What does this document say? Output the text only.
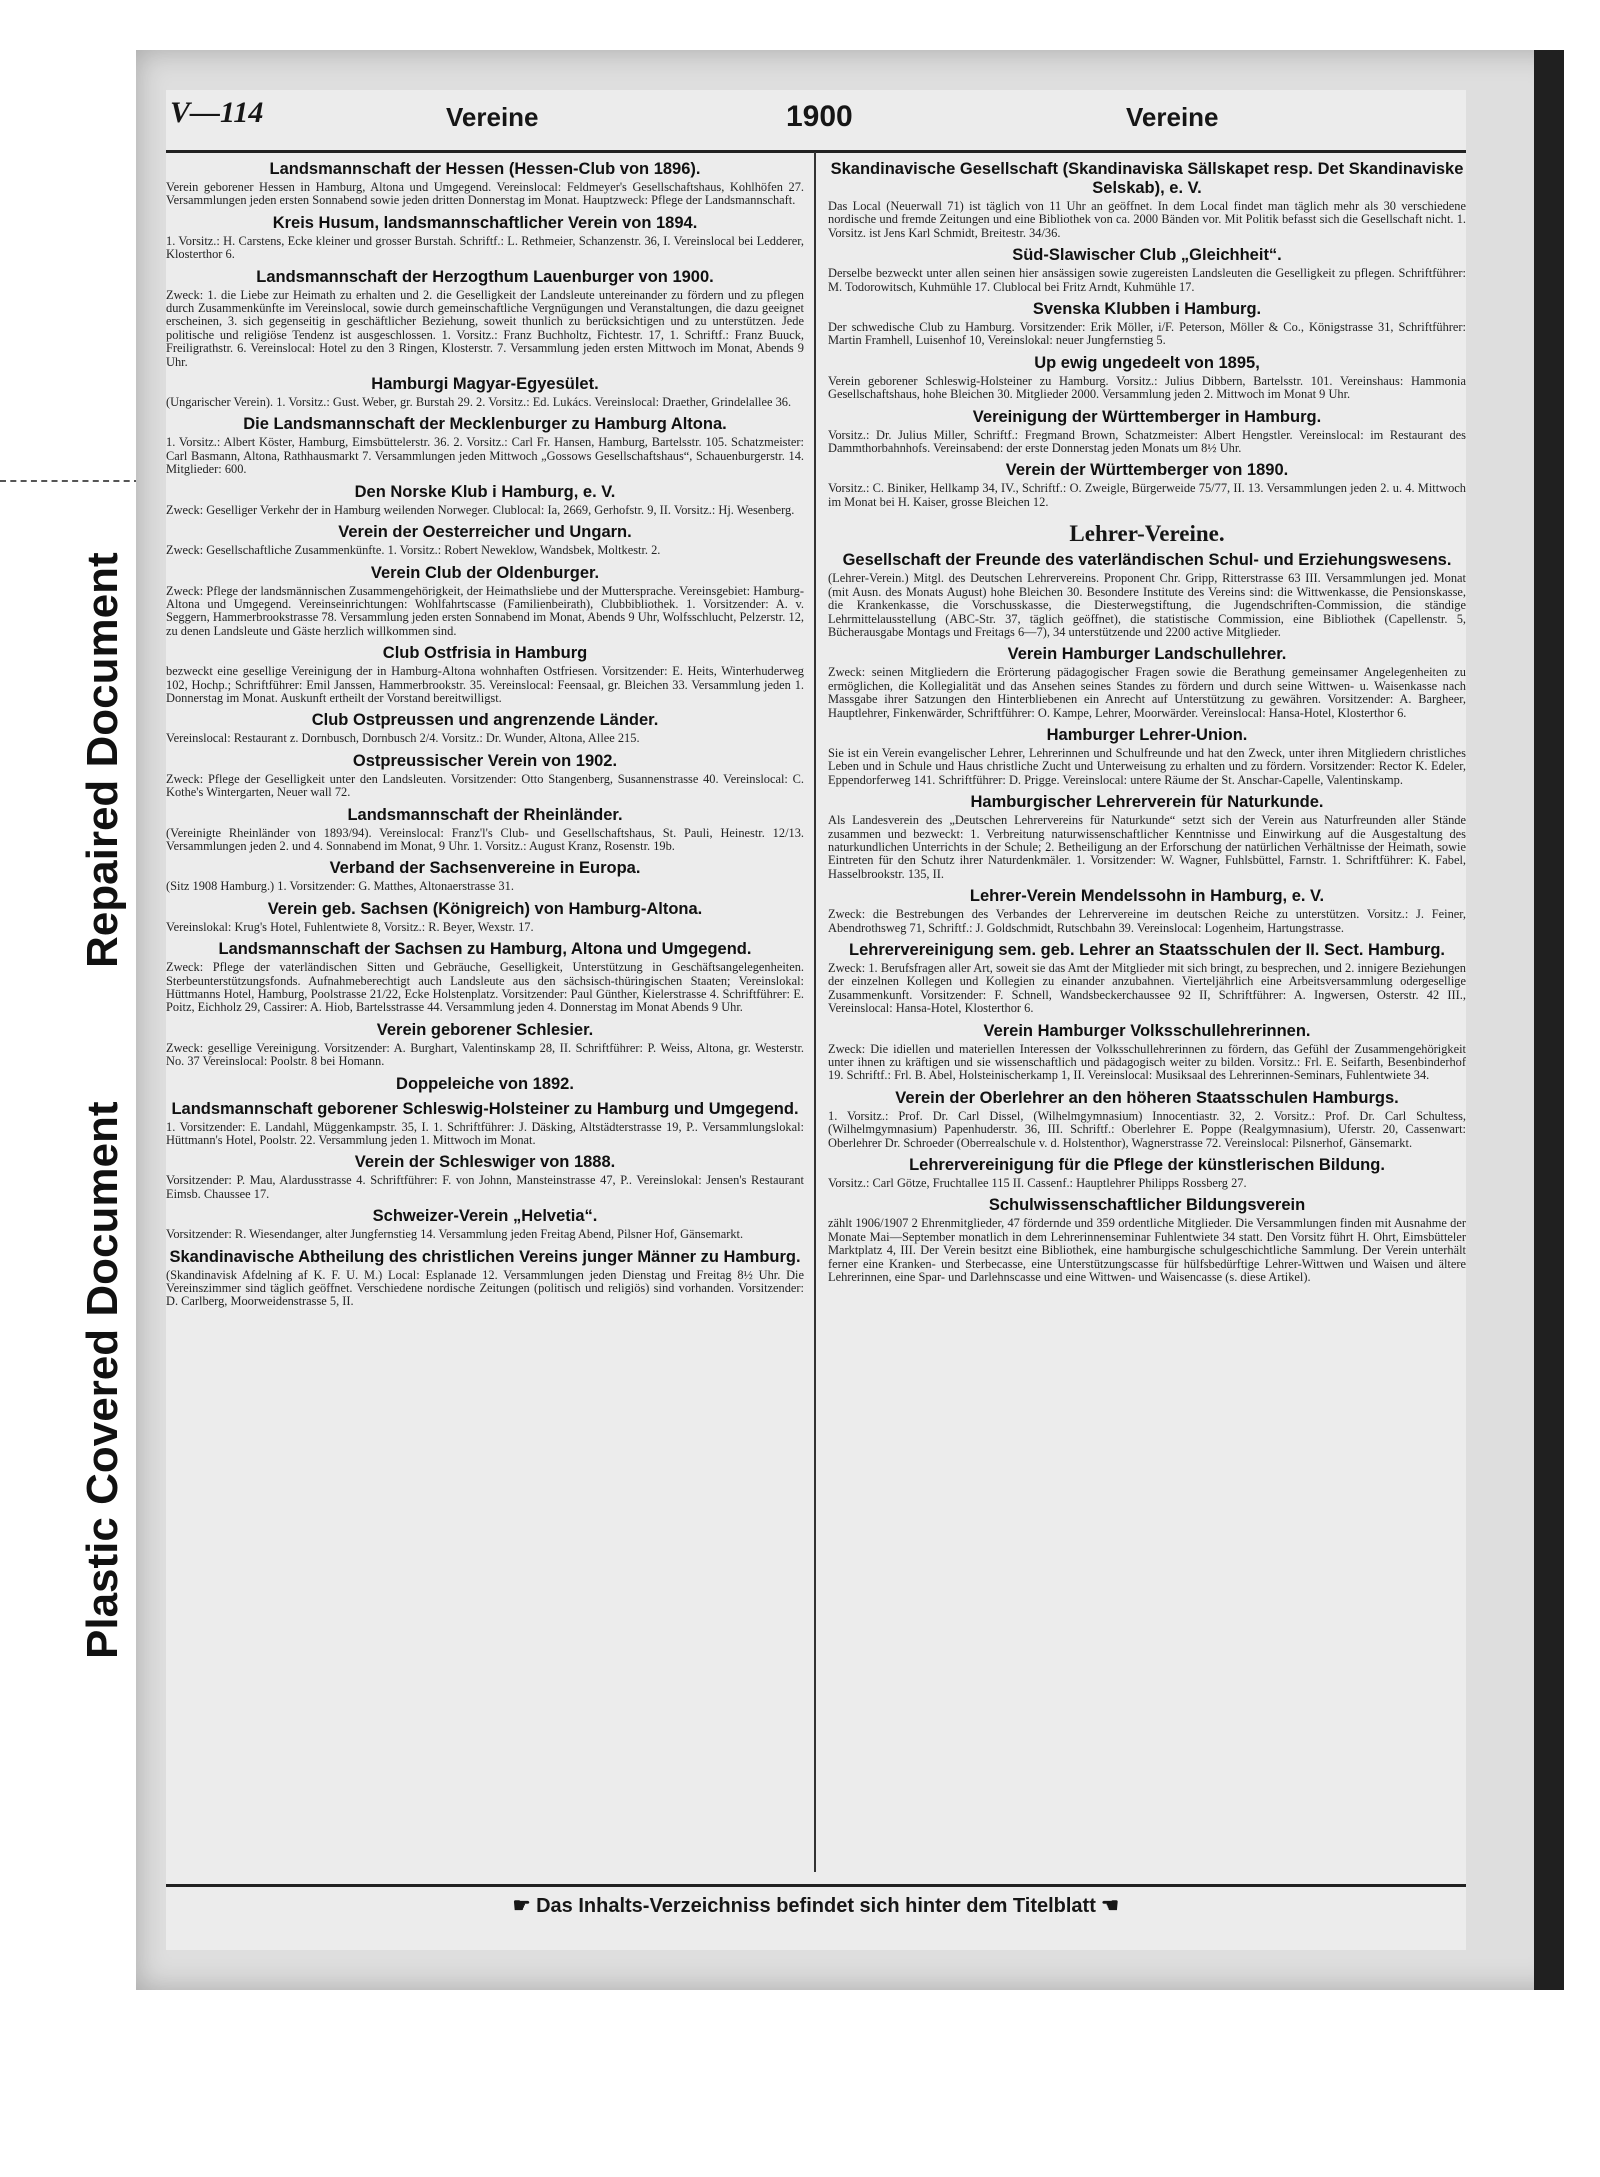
Repaired Document
Plastic Covered Document
V—114	Vereine	1900	Vereine
Landsmannschaft der Hessen (Hessen-Club von 1896).

Verein geborener Hessen in Hamburg, Altona und Umgegend. Vereinslocal: Feldmeyer's Gesellschaftshaus, Kohlhöfen 27. Versammlungen jeden ersten Sonnabend sowie jeden dritten Donnerstag im Monat. Hauptzweck: Pflege der Landsmannschaft.

Kreis Husum, landsmannschaftlicher Verein von 1894.

1. Vorsitz.: H. Carstens, Ecke kleiner und grosser Burstah. Schriftf.: L. Rethmeier, Schanzenstr. 36, I. Vereinslocal bei Ledderer, Klosterthor 6.

Landsmannschaft der Herzogthum Lauenburger von 1900.

Zweck: 1. die Liebe zur Heimath zu erhalten und 2. die Geselligkeit der Landsleute untereinander zu fördern und zu pflegen durch Zusammenkünfte im Vereinslocal, sowie durch gemeinschaftliche Vergnügungen und Veranstaltungen, die dazu geeignet erscheinen, 3. sich gegenseitig in geschäftlicher Beziehung, soweit thunlich zu berücksichtigen und zu unterstützen. Jede politische und religiöse Tendenz ist ausgeschlossen. 1. Vorsitz.: Franz Buchholtz, Fichtestr. 17, 1. Schriftf.: Franz Buuck, Freiligrathstr. 6. Vereinslocal: Hotel zu den 3 Ringen, Klosterstr. 7. Versammlung jeden ersten Mittwoch im Monat, Abends 9 Uhr.

Hamburgi Magyar-Egyesület.

(Ungarischer Verein). 1. Vorsitz.: Gust. Weber, gr. Burstah 29. 2. Vorsitz.: Ed. Lukács. Vereinslocal: Draether, Grindelallee 36.

Die Landsmannschaft der Mecklenburger zu Hamburg Altona.

1. Vorsitz.: Albert Köster, Hamburg, Eimsbüttelerstr. 36. 2. Vorsitz.: Carl Fr. Hansen, Hamburg, Bartelsstr. 105. Schatzmeister: Carl Basmann, Altona, Rathhausmarkt 7. Versammlungen jeden Mittwoch „Gossows Gesellschaftshaus“, Schauenburgerstr. 14. Mitglieder: 600.

Den Norske Klub i Hamburg, e. V.

Zweck: Geselliger Verkehr der in Hamburg weilenden Norweger. Clublocal: Ia, 2669, Gerhofstr. 9, II. Vorsitz.: Hj. Wesenberg.

Verein der Oesterreicher und Ungarn.

Zweck: Gesellschaftliche Zusammenkünfte. 1. Vorsitz.: Robert Neweklow, Wandsbek, Moltkestr. 2.

Verein Club der Oldenburger.

Zweck: Pflege der landsmännischen Zusammengehörigkeit, der Heimathsliebe und der Muttersprache. Vereinsgebiet: Hamburg-Altona und Umgegend. Vereinseinrichtungen: Wohlfahrtscasse (Familienbeirath), Clubbibliothek. 1. Vorsitzender: A. v. Seggern, Hammerbrookstrasse 78. Versammlung jeden ersten Sonnabend im Monat, Abends 9 Uhr, Wolfsschlucht, Pelzerstr. 12, zu denen Landsleute und Gäste herzlich willkommen sind.

Club Ostfrisia in Hamburg

bezweckt eine gesellige Vereinigung der in Hamburg-Altona wohnhaften Ostfriesen. Vorsitzender: E. Heits, Winterhuderweg 102, Hochp.; Schriftführer: Emil Janssen, Hammerbrookstr. 35. Vereinslocal: Feensaal, gr. Bleichen 33. Versammlung jeden 1. Donnerstag im Monat. Auskunft ertheilt der Vorstand bereitwilligst.

Club Ostpreussen und angrenzende Länder.

Vereinslocal: Restaurant z. Dornbusch, Dornbusch 2/4. Vorsitz.: Dr. Wunder, Altona, Allee 215.

Ostpreussischer Verein von 1902.

Zweck: Pflege der Geselligkeit unter den Landsleuten. Vorsitzender: Otto Stangenberg, Susannenstrasse 40. Vereinslocal: C. Kothe's Wintergarten, Neuer wall 72.

Landsmannschaft der Rheinländer.

(Vereinigte Rheinländer von 1893/94). Vereinslocal: Franz'l's Club- und Gesellschaftshaus, St. Pauli, Heinestr. 12/13. Versammlungen jeden 2. und 4. Sonnabend im Monat, 9 Uhr. 1. Vorsitz.: August Kranz, Rosenstr. 19b.

Verband der Sachsenvereine in Europa.

(Sitz 1908 Hamburg.) 1. Vorsitzender: G. Matthes, Altonaerstrasse 31.

Verein geb. Sachsen (Königreich) von Hamburg-Altona.

Vereinslokal: Krug's Hotel, Fuhlentwiete 8, Vorsitz.: R. Beyer, Wexstr. 17.

Landsmannschaft der Sachsen zu Hamburg, Altona und Umgegend.

Zweck: Pflege der vaterländischen Sitten und Gebräuche, Geselligkeit, Unterstützung in Geschäftsangelegenheiten. Sterbeunterstützungsfonds. Aufnahmeberechtigt auch Landsleute aus den sächsisch-thüringischen Staaten; Vereinslokal: Hüttmanns Hotel, Hamburg, Poolstrasse 21/22, Ecke Holstenplatz. Vorsitzender: Paul Günther, Kielerstrasse 4. Schriftführer: E. Poitz, Eichholz 29, Cassirer: A. Hiob, Bartelsstrasse 44. Versammlung jeden 4. Donnerstag im Monat Abends 9 Uhr.

Verein geborener Schlesier.

Zweck: gesellige Vereinigung. Vorsitzender: A. Burghart, Valentinskamp 28, II. Schriftführer: P. Weiss, Altona, gr. Westerstr. No. 37 Vereinslocal: Poolstr. 8 bei Homann.

Doppeleiche von 1892.
Landsmannschaft geborener Schleswig-Holsteiner zu Hamburg und Umgegend.

1. Vorsitzender: E. Landahl, Müggenkampstr. 35, I. 1. Schriftführer: J. Däsking, Altstädterstrasse 19, P.. Versammlungslokal: Hüttmann's Hotel, Poolstr. 22. Versammlung jeden 1. Mittwoch im Monat.

Verein der Schleswiger von 1888.

Vorsitzender: P. Mau, Alardusstrasse 4. Schriftführer: F. von Johnn, Mansteinstrasse 47, P.. Vereinslokal: Jensen's Restaurant Eimsb. Chaussee 17.

Schweizer-Verein „Helvetia“.

Vorsitzender: R. Wiesendanger, alter Jungfernstieg 14. Versammlung jeden Freitag Abend, Pilsner Hof, Gänsemarkt.

Skandinavische Abtheilung des christlichen Vereins junger Männer zu Hamburg.

(Skandinavisk Afdelning af K. F. U. M.) Local: Esplanade 12. Versammlungen jeden Dienstag und Freitag 8½ Uhr. Die Vereinszimmer sind täglich geöffnet. Verschiedene nordische Zeitungen (politisch und religiös) sind vorhanden. Vorsitzender: D. Carlberg, Moorweidenstrasse 5, II.

Skandinavische Gesellschaft (Skandinaviska Sällskapet resp. Det Skandinaviske Selskab), e. V.

Das Local (Neuerwall 71) ist täglich von 11 Uhr an geöffnet. In dem Local findet man täglich mehr als 30 verschiedene nordische und fremde Zeitungen und eine Bibliothek von ca. 2000 Bänden vor. Mit Politik befasst sich die Gesellschaft nicht. 1. Vorsitz. ist Jens Karl Schmidt, Breitestr. 34/36.

Süd-Slawischer Club „Gleichheit“.

Derselbe bezweckt unter allen seinen hier ansässigen sowie zugereisten Landsleuten die Geselligkeit zu pflegen. Schriftführer: M. Todorowitsch, Kuhmühle 17. Clublocal bei Fritz Arndt, Kuhmühle 17.

Svenska Klubben i Hamburg.

Der schwedische Club zu Hamburg. Vorsitzender: Erik Möller, i/F. Peterson, Möller & Co., Königstrasse 31, Schriftführer: Martin Framhell, Luisenhof 10, Vereinslokal: neuer Jungfernstieg 5.

Up ewig ungedeelt von 1895,

Verein geborener Schleswig-Holsteiner zu Hamburg. Vorsitz.: Julius Dibbern, Bartelsstr. 101. Vereinshaus: Hammonia Gesellschaftshaus, hohe Bleichen 30. Mitglieder 2000. Versammlung jeden 2. Mittwoch im Monat 9 Uhr.

Vereinigung der Württemberger in Hamburg.

Vorsitz.: Dr. Julius Miller, Schriftf.: Fregmand Brown, Schatzmeister: Albert Hengstler. Vereinslocal: im Restaurant des Dammthorbahnhofs. Vereinsabend: der erste Donnerstag jeden Monats um 8½ Uhr.

Verein der Württemberger von 1890.

Vorsitz.: C. Biniker, Hellkamp 34, IV., Schriftf.: O. Zweigle, Bürgerweide 75/77, II. 13. Versammlungen jeden 2. u. 4. Mittwoch im Monat bei H. Kaiser, grosse Bleichen 12.

Lehrer-Vereine.
Gesellschaft der Freunde des vaterländischen Schul- und Erziehungswesens.

(Lehrer-Verein.) Mitgl. des Deutschen Lehrervereins. Proponent Chr. Gripp, Ritterstrasse 63 III. Versammlungen jed. Monat (mit Ausn. des Monats August) hohe Bleichen 30. Besondere Institute des Vereins sind: die Wittwenkasse, die Pensionskasse, die Krankenkasse, die Vorschusskasse, die Diesterwegstiftung, die Jugendschriften-Commission, die ständige Lehrmittelausstellung (ABC-Str. 37, täglich geöffnet), die statistische Commission, eine Bibliothek (Capellenstr. 5, Bücherausgabe Montags und Freitags 6—7), 34 unterstützende und 2200 active Mitglieder.

Verein Hamburger Landschullehrer.

Zweck: seinen Mitgliedern die Erörterung pädagogischer Fragen sowie die Berathung gemeinsamer Angelegenheiten zu ermöglichen, die Kollegialität und das Ansehen seines Standes zu fördern und durch seine Wittwen- u. Waisenkasse nach Massgabe ihrer Satzungen den Hinterbliebenen ein Anrecht auf Unterstützung zu gewähren. Vorsitzender: A. Bargheer, Hauptlehrer, Finkenwärder, Schriftführer: O. Kampe, Lehrer, Moorwärder. Vereinslocal: Hansa-Hotel, Klosterthor 6.

Hamburger Lehrer-Union.

Sie ist ein Verein evangelischer Lehrer, Lehrerinnen und Schulfreunde und hat den Zweck, unter ihren Mitgliedern christliches Leben und in Schule und Haus christliche Zucht und Unterweisung zu erhalten und zu fördern. Vorsitzender: Rector K. Edeler, Eppendorferweg 141. Schriftführer: D. Prigge. Vereinslocal: untere Räume der St. Anschar-Capelle, Valentinskamp.

Hamburgischer Lehrerverein für Naturkunde.

Als Landesverein des „Deutschen Lehrervereins für Naturkunde“ setzt sich der Verein aus Naturfreunden aller Stände zusammen und bezweckt: 1. Verbreitung naturwissenschaftlicher Kenntnisse und Einwirkung auf die Ausgestaltung des naturkundlichen Unterrichts in der Schule; 2. Betheiligung an der Erforschung der natürlichen Verhältnisse der Heimath, sowie Eintreten für den Schutz ihrer Naturdenkmäler. 1. Vorsitzender: W. Wagner, Fuhlsbüttel, Farnstr. 1. Schriftführer: K. Fabel, Hasselbrookstr. 135, II.

Lehrer-Verein Mendelssohn in Hamburg, e. V.

Zweck: die Bestrebungen des Verbandes der Lehrervereine im deutschen Reiche zu unterstützen. Vorsitz.: J. Feiner, Abendrothsweg 71, Schriftf.: J. Goldschmidt, Rutschbahn 39. Vereinslocal: Logenheim, Hartungstrasse.

Lehrervereinigung sem. geb. Lehrer an Staatsschulen der II. Sect. Hamburg.

Zweck: 1. Berufsfragen aller Art, soweit sie das Amt der Mitglieder mit sich bringt, zu besprechen, und 2. innigere Beziehungen der einzelnen Kollegen und Kollegien zu einander anzubahnen. Vierteljährlich eine Arbeitsversammlung odergesellige Zusammenkunft. Vorsitzender: F. Schnell, Wandsbeckerchaussee 92 II, Schriftführer: A. Ingwersen, Osterstr. 42 III., Vereinslocal: Hansa-Hotel, Klosterthor 6.

Verein Hamburger Volksschullehrerinnen.

Zweck: Die idiellen und materiellen Interessen der Volksschullehrerinnen zu fördern, das Gefühl der Zusammengehörigkeit unter ihnen zu kräftigen und sie wissenschaftlich und pädagogisch weiter zu bilden. Vorsitz.: Frl. E. Seifarth, Besenbinderhof 19. Schriftf.: Frl. B. Abel, Holsteinischerkamp 1, II. Vereinslocal: Musiksaal des Lehrerinnen-Seminars, Fuhlentwiete 34.

Verein der Oberlehrer an den höheren Staatsschulen Hamburgs.

1. Vorsitz.: Prof. Dr. Carl Dissel, (Wilhelmgymnasium) Innocentiastr. 32, 2. Vorsitz.: Prof. Dr. Carl Schultess, (Wilhelmgymnasium) Papenhuderstr. 36, III. Schriftf.: Oberlehrer E. Poppe (Realgymnasium), Uferstr. 20, Cassenwart: Oberlehrer Dr. Schroeder (Oberrealschule v. d. Holstenthor), Wagnerstrasse 72. Vereinslocal: Pilsnerhof, Gänsemarkt.

Lehrervereinigung für die Pflege der künstlerischen Bildung.

Vorsitz.: Carl Götze, Fruchtallee 115 II. Cassenf.: Hauptlehrer Philipps Rossberg 27.

Schulwissenschaftlicher Bildungsverein

zählt 1906/1907 2 Ehrenmitglieder, 47 fördernde und 359 ordentliche Mitglieder. Die Versammlungen finden mit Ausnahme der Monate Mai—September monatlich in dem Lehrerinnenseminar Fuhlentwiete 34 statt. Den Vorsitz führt H. Ohrt, Eimsbütteler Marktplatz 4, III. Der Verein besitzt eine Bibliothek, eine hamburgische schulgeschichtliche Sammlung. Der Verein unterhält ferner eine Kranken- und Sterbecasse, eine Unterstützungscasse für hülfsbedürftige Lehrer-Wittwen und Waisen und ältere Lehrerinnen, eine Spar- und Darlehnscasse und eine Wittwen- und Waisencasse (s. diese Artikel).

☛ Das Inhalts-Verzeichniss befindet sich hinter dem Titelblatt ☛
